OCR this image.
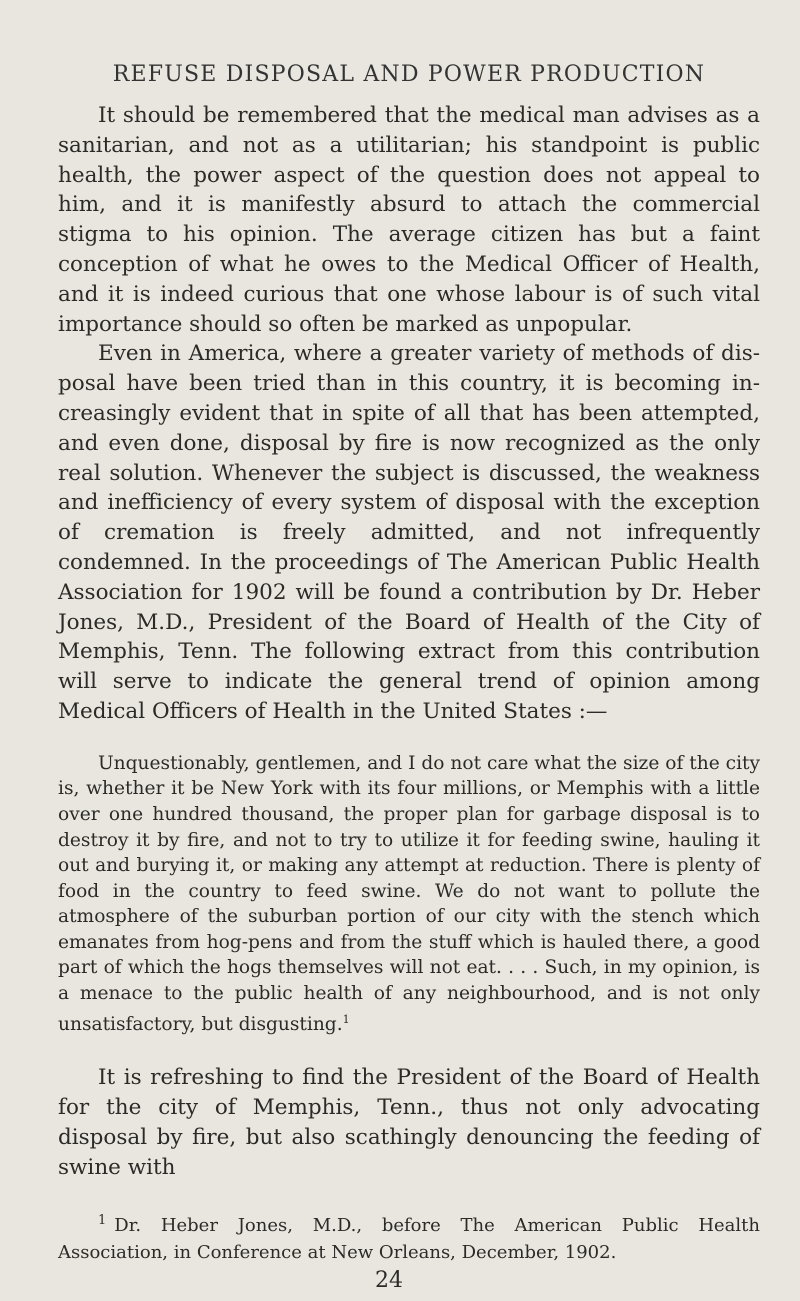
REFUSE DISPOSAL AND POWER PRODUCTION

It should be remembered that the medical man advises as a sanitarian, and not as a utilitarian; his standpoint is public health, the power aspect of the question does not appeal to him, and it is manifestly absurd to attach the commercial stigma to his opinion. The average citizen has but a faint conception of what he owes to the Medical Officer of Health, and it is indeed curious that one whose labour is of such vital importance should so often be marked as unpopular.

Even in America, where a greater variety of methods of dis- posal have been tried than in this country, it is becoming in- creasingly evident that in spite of all that has been attempted, and even done, disposal by fire is now recognized as the only real solution. Whenever the subject is discussed, the weakness and inefficiency of every system of disposal with the exception of cremation is freely admitted, and not infrequently condemned. In the proceedings of The American Public Health Association for 1902 will be found a contribution by Dr. Heber Jones, M.D., President of the Board of Health of the City of Memphis, Tenn. The following extract from this contribution will serve to indicate the general trend of opinion among Medical Officers of Health in the United States :—

Unquestionably, gentlemen, and I do not care what the size of the city is, whether it be New York with its four millions, or Memphis with a little over one hundred thousand, the proper plan for garbage disposal is to destroy it by fire, and not to try to utilize it for feeding swine, hauling it out and burying it, or making any attempt at reduction. There is plenty of food in the country to feed swine. We do not want to pollute the atmosphere of the suburban portion of our city with the stench which emanates from hog-pens and from the stuff which is hauled there, a good part of which the hogs themselves will not eat. . . . Such, in my opinion, is a menace to the public health of any neighbourhood, and is not only unsatisfactory, but disgusting.$^1$

It is refreshing to find the President of the Board of Health for the city of Memphis, Tenn., thus not only advocating disposal by fire, but also scathingly denouncing the feeding of swine with

$^1$ Dr. Heber Jones, M.D., before The American Public Health Association, in Conference at New Orleans, December, 1902.

24
